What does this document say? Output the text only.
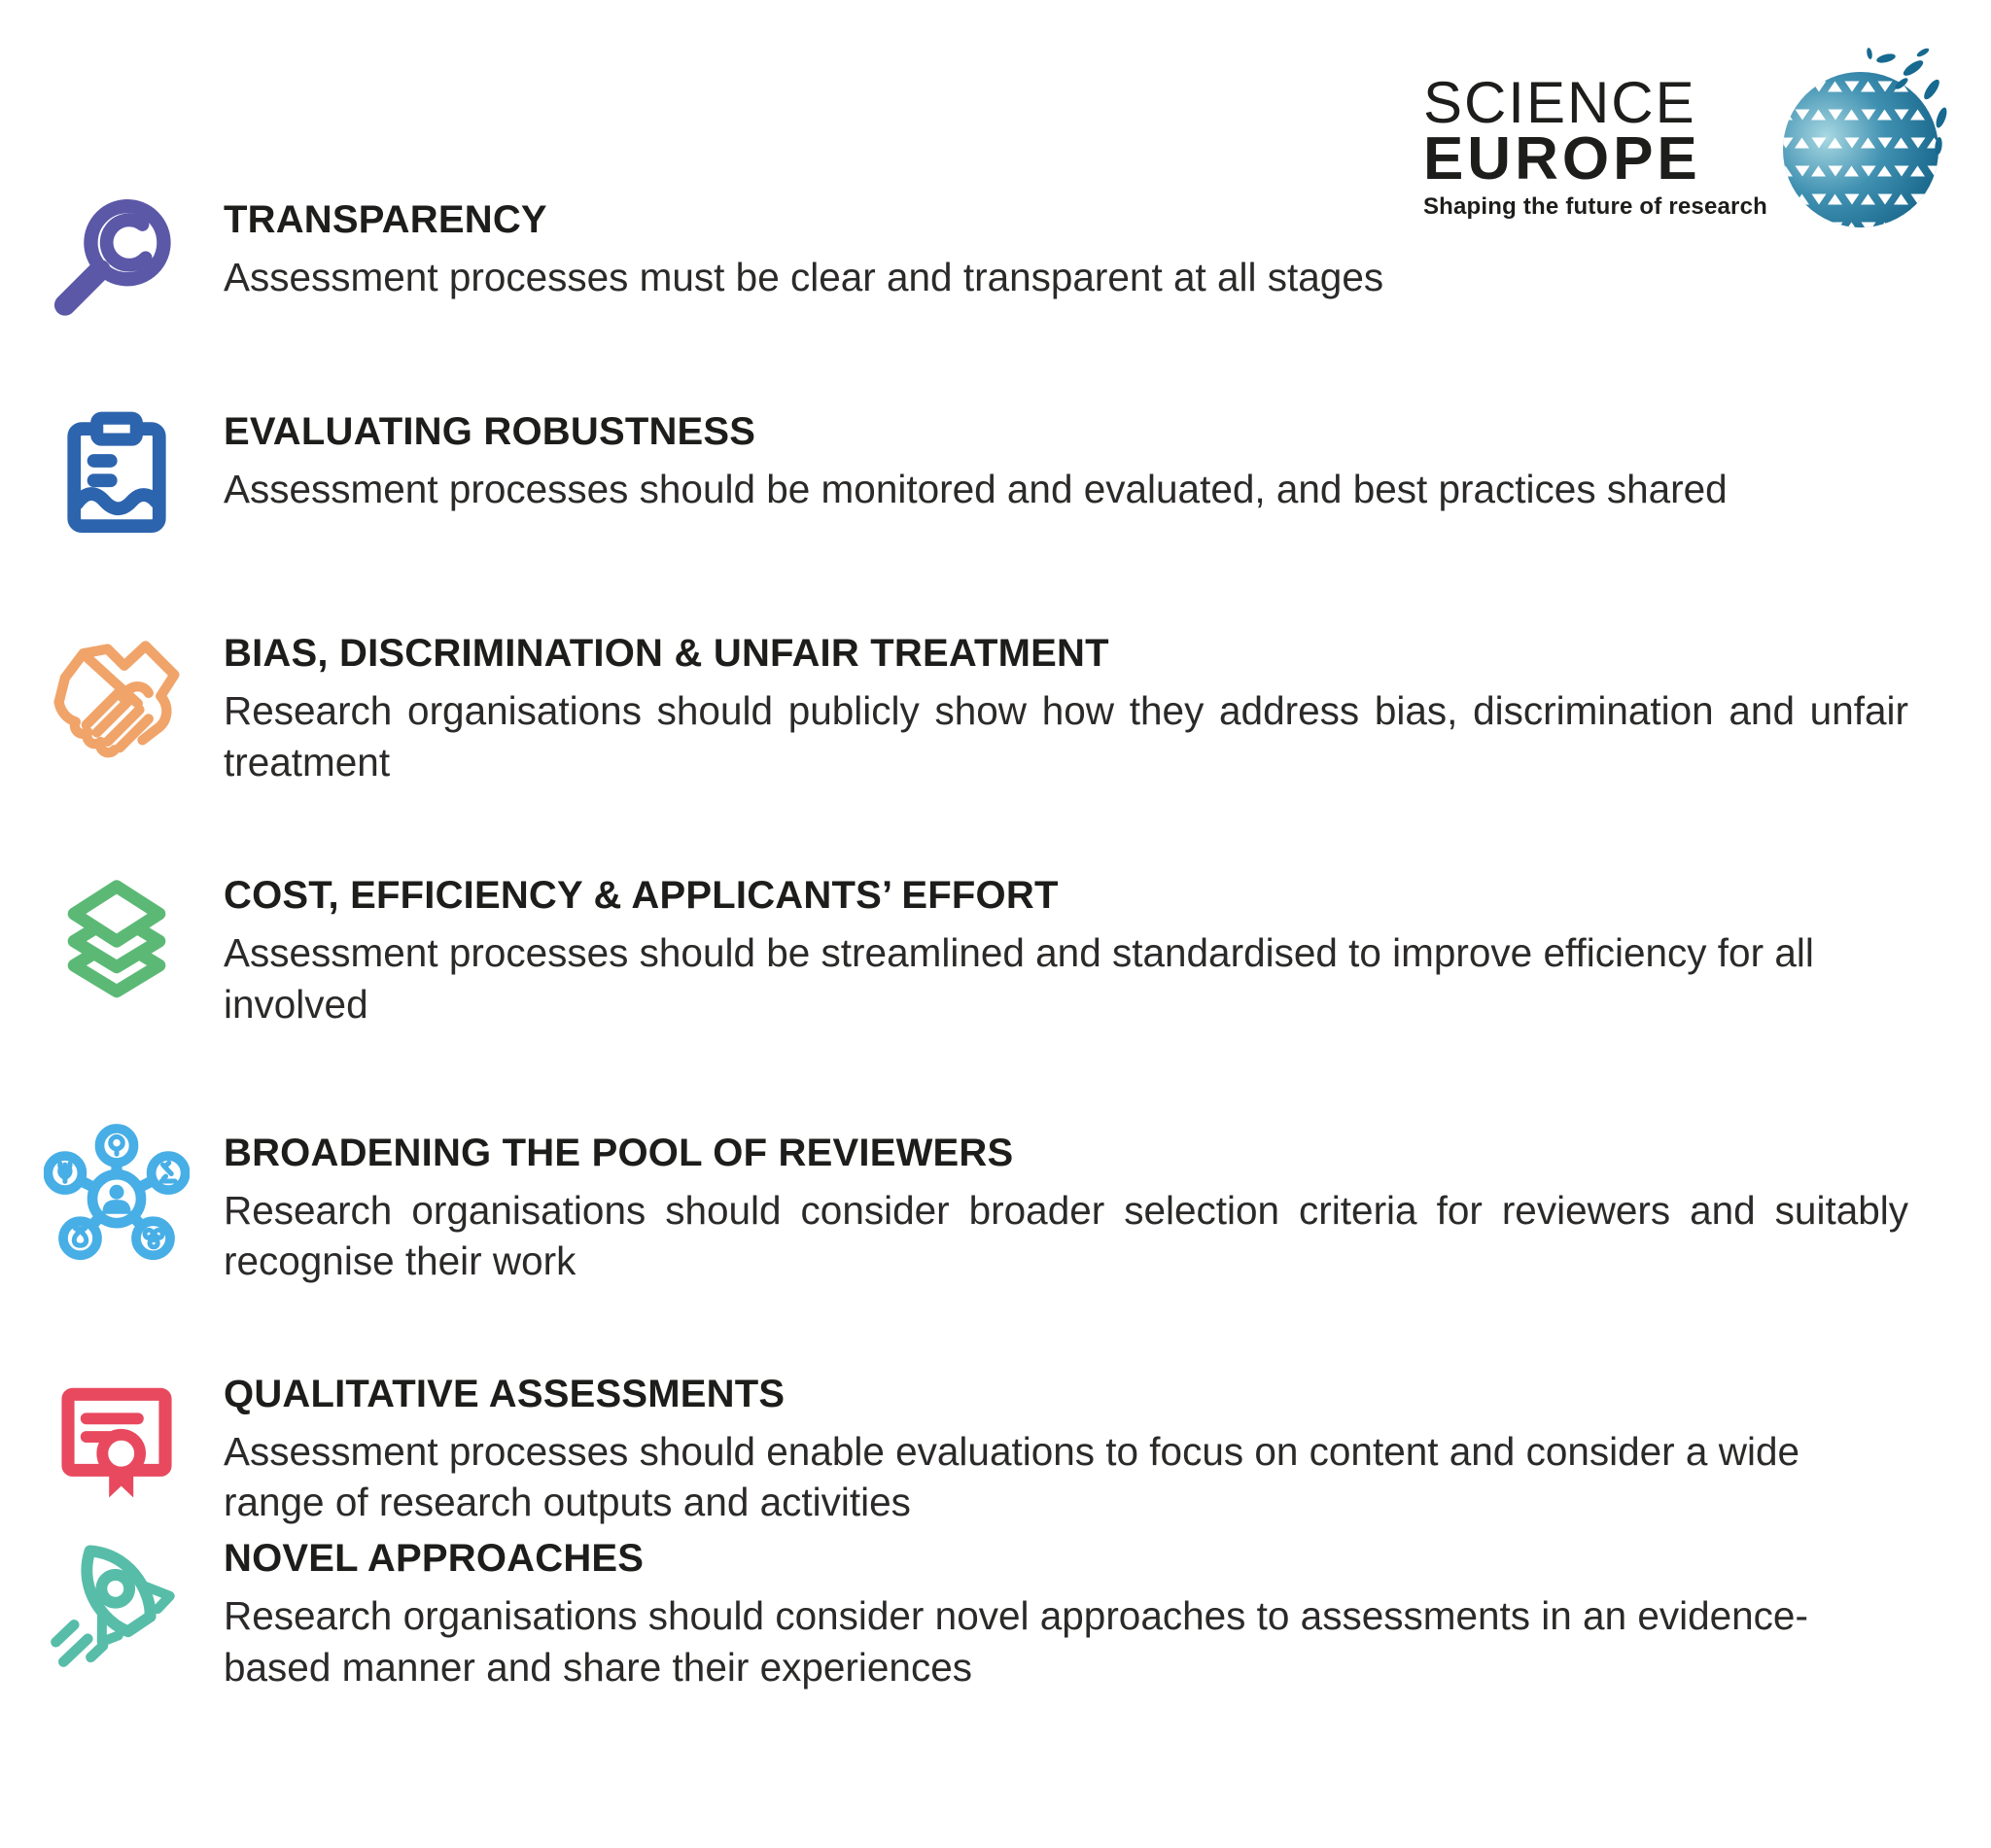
SCIENCE
EUROPE
Shaping the future of research
TRANSPARENCY

Assessment processes must be clear and transparent at all stages

EVALUATING ROBUSTNESS

Assessment processes should be monitored and evaluated, and best practices shared

BIAS, DISCRIMINATION & UNFAIR TREATMENT

Research organisations should publicly show how they address bias, discrimination and unfair treatment

COST, EFFICIENCY & APPLICANTS’ EFFORT

Assessment processes should be streamlined and standardised to improve efficiency for all involved

BROADENING THE POOL OF REVIEWERS

Research organisations should consider broader selection criteria for reviewers and suitably recognise their work

QUALITATIVE ASSESSMENTS

Assessment processes should enable evaluations to focus on content and consider a wide range of research outputs and activities

NOVEL APPROACHES

Research organisations should consider novel approaches to assessments in an evidence-based manner and share their experiences
